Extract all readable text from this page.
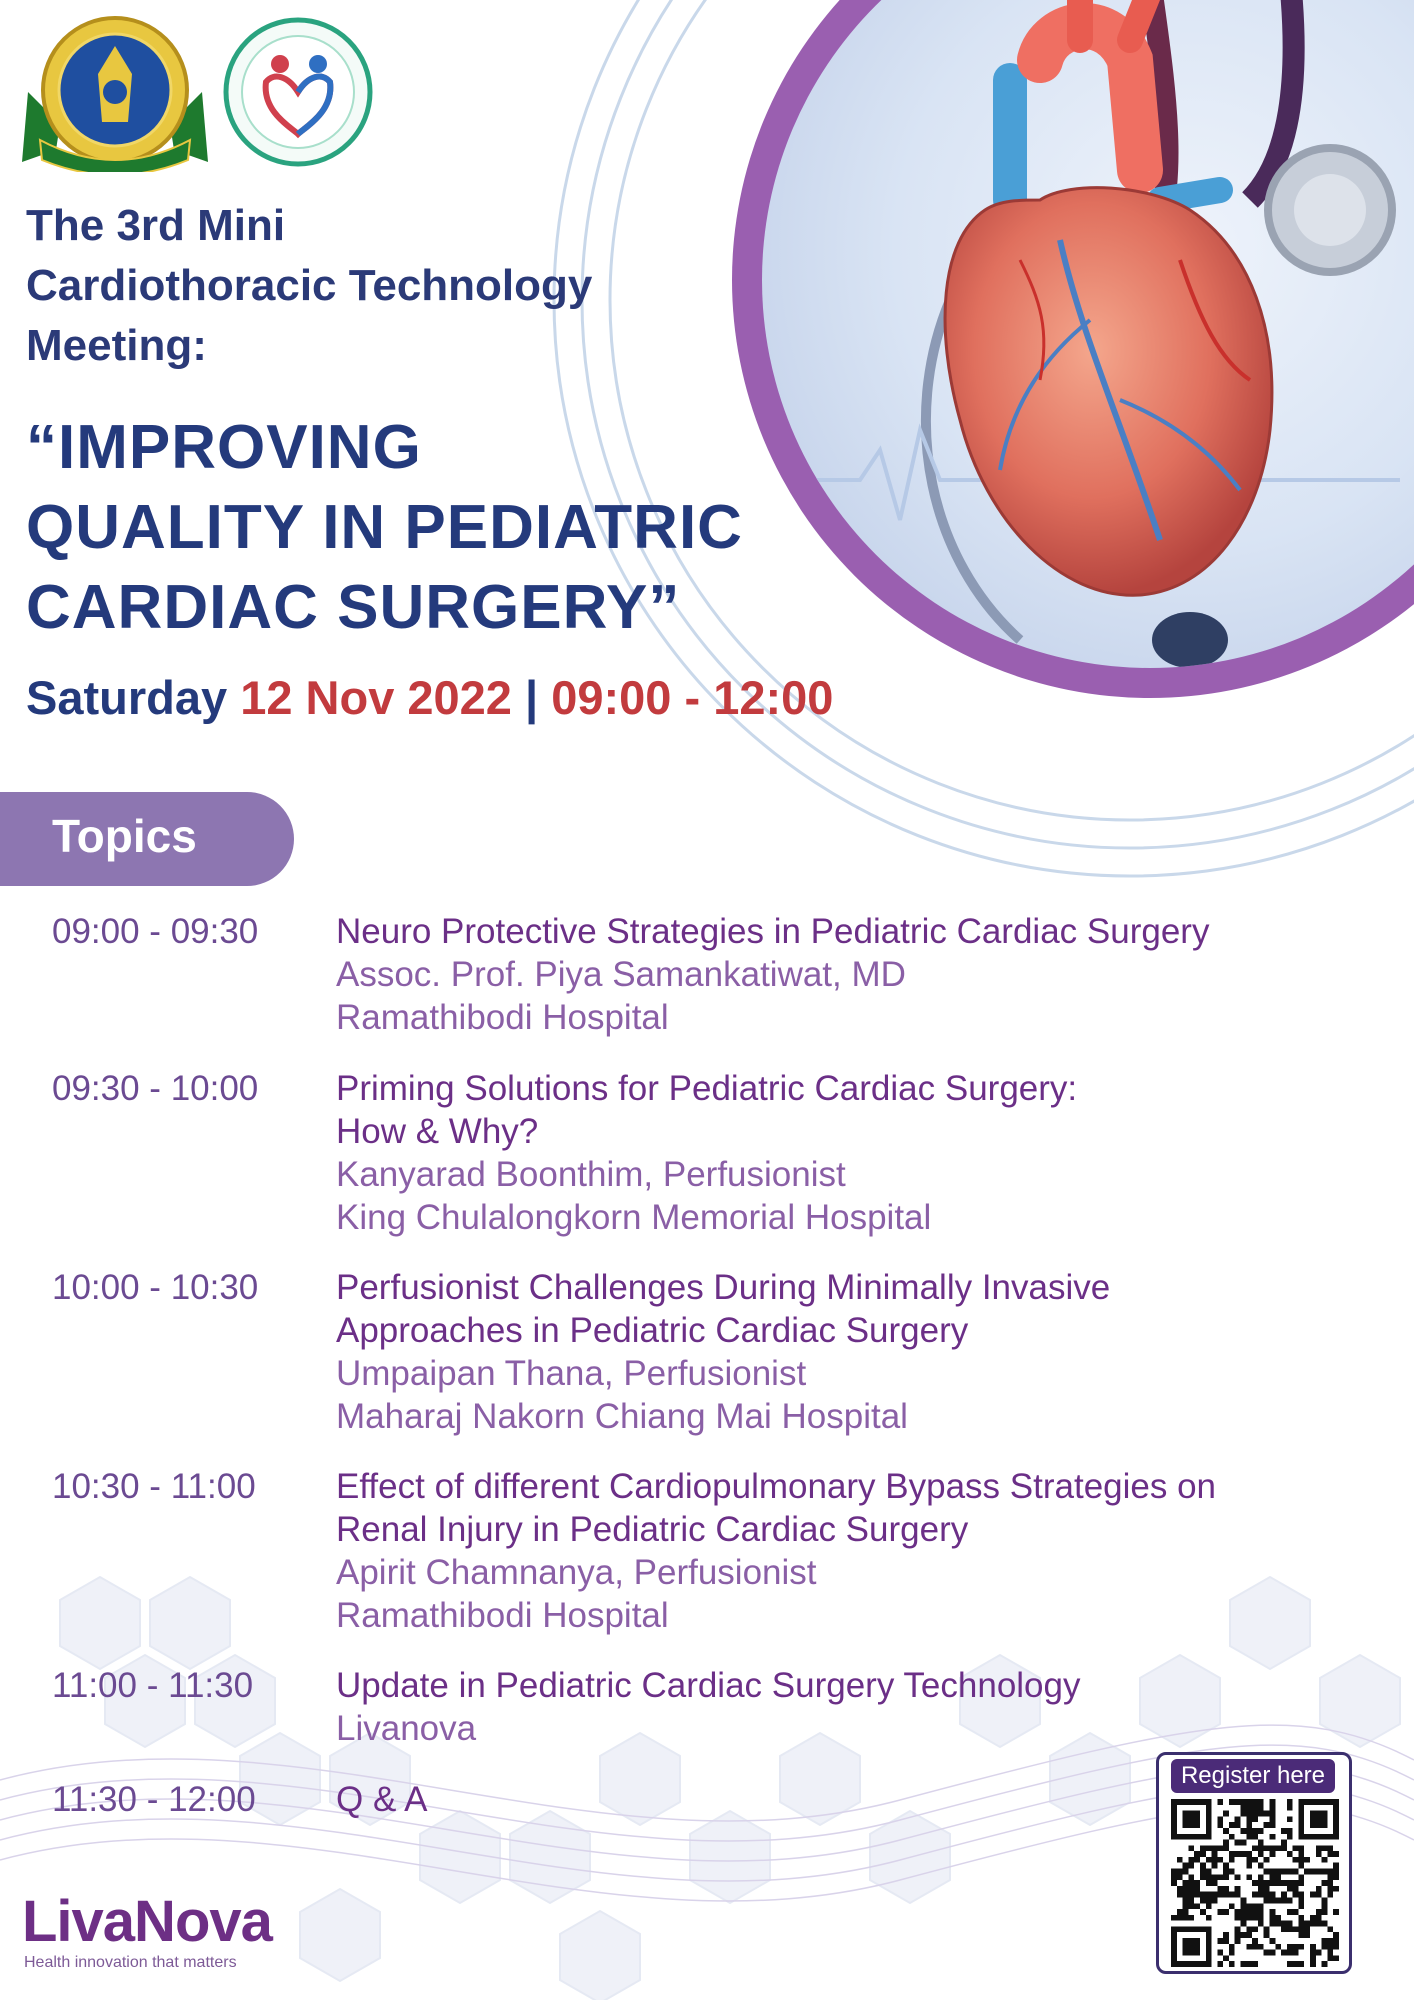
The 3rd Mini
Cardiothoracic Technology
Meeting:
“IMPROVING
QUALITY IN PEDIATRIC
CARDIAC SURGERY”
Saturday 12 Nov 2022 | 09:00 - 12:00
Topics
09:00 - 09:30 Neuro Protective Strategies in Pediatric Cardiac Surgery
Assoc. Prof. Piya Samankatiwat, MD
Ramathibodi Hospital
09:30 - 10:00 Priming Solutions for Pediatric Cardiac Surgery:
How & Why?
Kanyarad Boonthim, Perfusionist
King Chulalongkorn Memorial Hospital
10:00 - 10:30 Perfusionist Challenges During Minimally Invasive
Approaches in Pediatric Cardiac Surgery
Umpaipan Thana, Perfusionist
Maharaj Nakorn Chiang Mai Hospital
10:30 - 11:00 Effect of different Cardiopulmonary Bypass Strategies on
Renal Injury in Pediatric Cardiac Surgery
Apirit Chamnanya, Perfusionist
Ramathibodi Hospital
11:00 - 11:30 Update in Pediatric Cardiac Surgery Technology
Livanova
11:30 - 12:00 Q & A
LivaNova
Health innovation that matters
Register here
